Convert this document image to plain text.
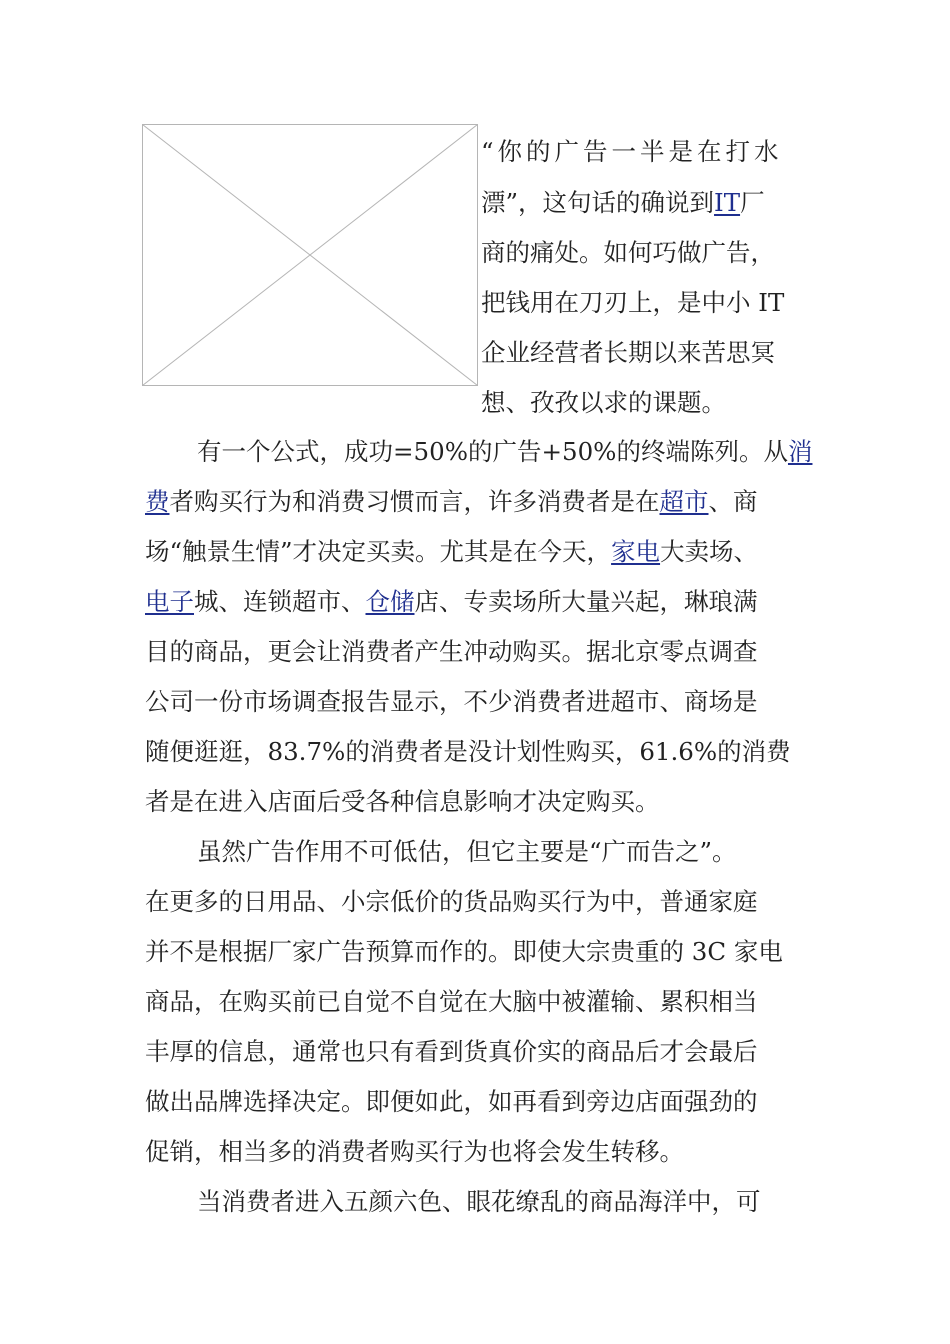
“你的广告一半是在打水
漂”，这句话的确说到IT厂
商的痛处。如何巧做广告，
把钱用在刀刃上，是中小 IT
企业经营者长期以来苦思冥
想、孜孜以求的课题。
有一个公式，成功=50%的广告+50%的终端陈列。从消
费者购买行为和消费习惯而言，许多消费者是在超市、商
场“触景生情”才决定买卖。尤其是在今天，家电大卖场、
电子城、连锁超市、仓储店、专卖场所大量兴起，琳琅满
目的商品，更会让消费者产生冲动购买。据北京零点调查
公司一份市场调查报告显示，不少消费者进超市、商场是
随便逛逛，83.7%的消费者是没计划性购买，61.6%的消费
者是在进入店面后受各种信息影响才决定购买。
虽然广告作用不可低估，但它主要是“广而告之”。
在更多的日用品、小宗低价的货品购买行为中，普通家庭
并不是根据厂家广告预算而作的。即使大宗贵重的 3C 家电
商品，在购买前已自觉不自觉在大脑中被灌输、累积相当
丰厚的信息，通常也只有看到货真价实的商品后才会最后
做出品牌选择决定。即便如此，如再看到旁边店面强劲的
促销，相当多的消费者购买行为也将会发生转移。
当消费者进入五颜六色、眼花缭乱的商品海洋中，可
